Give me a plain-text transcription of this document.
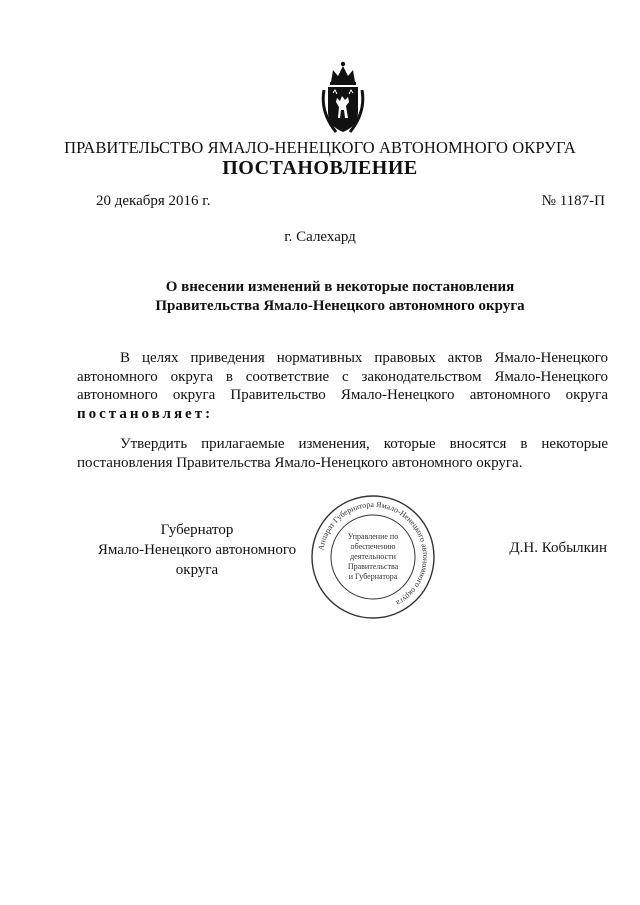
ПРАВИТЕЛЬСТВО ЯМАЛО-НЕНЕЦКОГО АВТОНОМНОГО ОКРУГА
ПОСТАНОВЛЕНИЕ
20 декабря 2016 г.	№ 1187-П
г. Салехард
О внесении изменений в некоторые постановления
Правительства Ямало-Ненецкого автономного округа
В целях приведения нормативных правовых актов Ямало-Ненецкого автономного округа в соответствие с законодательством Ямало-Ненецкого автономного округа Правительство Ямало-Ненецкого автономного округа постановляет:
Утвердить прилагаемые изменения, которые вносятся в некоторые постановления Правительства Ямало-Ненецкого автономного округа.
Губернатор
Ямало-Ненецкого автономного округа
Д.Н. Кобылкин
Аппарат Губернатора Ямало-Ненецкого автономного округа
Управление по
обеспечению
деятельности
Правительства
и Губернатора
